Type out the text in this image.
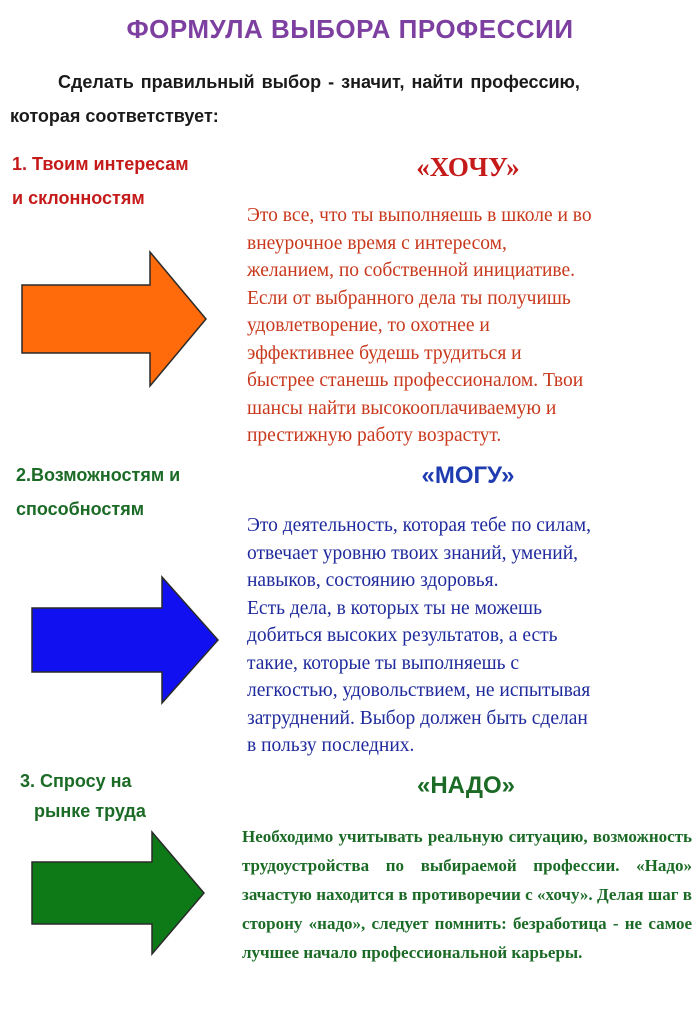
ФОРМУЛА ВЫБОРА ПРОФЕССИИ
Сделать правильный выбор - значит, найти профессию,
которая соответствует:
1. Твоим интересам
и склонностям
«ХОЧУ»

Это все, что ты выполняешь в школе и во

внеурочное время с интересом,

желанием, по собственной инициативе.

Если от выбранного дела ты получишь

удовлетворение, то охотнее и

эффективнее будешь трудиться и

быстрее станешь профессионалом. Твои

шансы найти высокооплачиваемую и

престижную работу возрастут.

2.Возможностям и
способностям
«МОГУ»

Это деятельность, которая тебе по силам,

отвечает уровню твоих знаний, умений,

навыков, состоянию здоровья.

Есть дела, в которых ты не можешь

добиться высоких результатов, а есть

такие, которые ты выполняешь с

легкостью, удовольствием, не испытывая

затруднений. Выбор должен быть сделан

в пользу последних.

3. Спросу на
рынке труда
«НАДО»
Необходимо учитывать реальную ситуацию, возможность трудоустройства по выбираемой профессии. «Надо» зачастую находится в противоречии с «хочу». Делая шаг в сторону «надо», следует помнить: безработица - не самое лучшее начало профессиональной карьеры.
